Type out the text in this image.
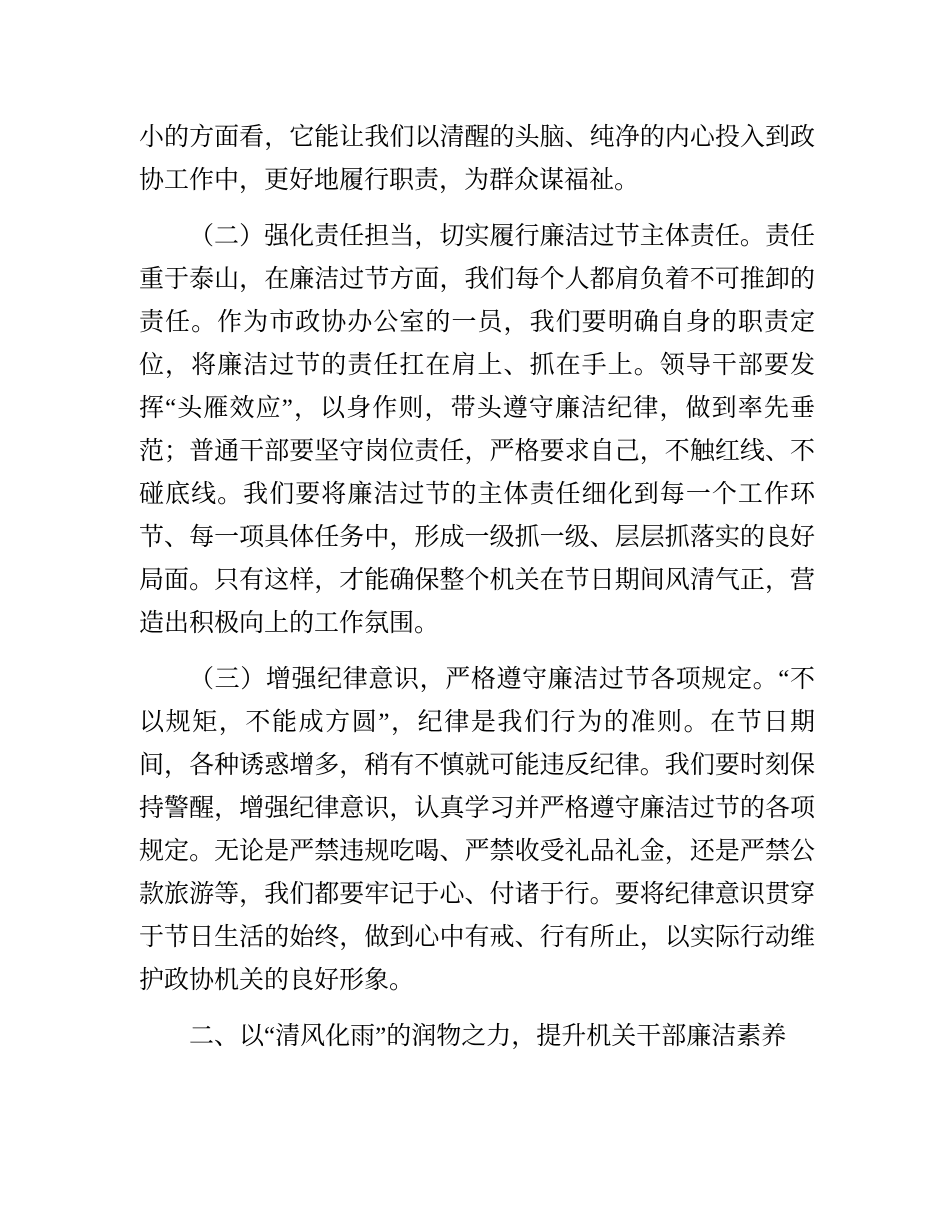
小的方面看，它能让我们以清醒的头脑、纯净的内心投入到政协工作中，更好地履行职责，为群众谋福祉。

（二）强化责任担当，切实履行廉洁过节主体责任。责任重于泰山，在廉洁过节方面，我们每个人都肩负着不可推卸的责任。作为市政协办公室的一员，我们要明确自身的职责定位，将廉洁过节的责任扛在肩上、抓在手上。领导干部要发挥“头雁效应”，以身作则，带头遵守廉洁纪律，做到率先垂范；普通干部要坚守岗位责任，严格要求自己，不触红线、不碰底线。我们要将廉洁过节的主体责任细化到每一个工作环节、每一项具体任务中，形成一级抓一级、层层抓落实的良好局面。只有这样，才能确保整个机关在节日期间风清气正，营造出积极向上的工作氛围。

（三）增强纪律意识，严格遵守廉洁过节各项规定。“不以规矩，不能成方圆”，纪律是我们行为的准则。在节日期间，各种诱惑增多，稍有不慎就可能违反纪律。我们要时刻保持警醒，增强纪律意识，认真学习并严格遵守廉洁过节的各项规定。无论是严禁违规吃喝、严禁收受礼品礼金，还是严禁公款旅游等，我们都要牢记于心、付诸于行。要将纪律意识贯穿于节日生活的始终，做到心中有戒、行有所止，以实际行动维护政协机关的良好形象。

二、以“清风化雨”的润物之力，提升机关干部廉洁素养
